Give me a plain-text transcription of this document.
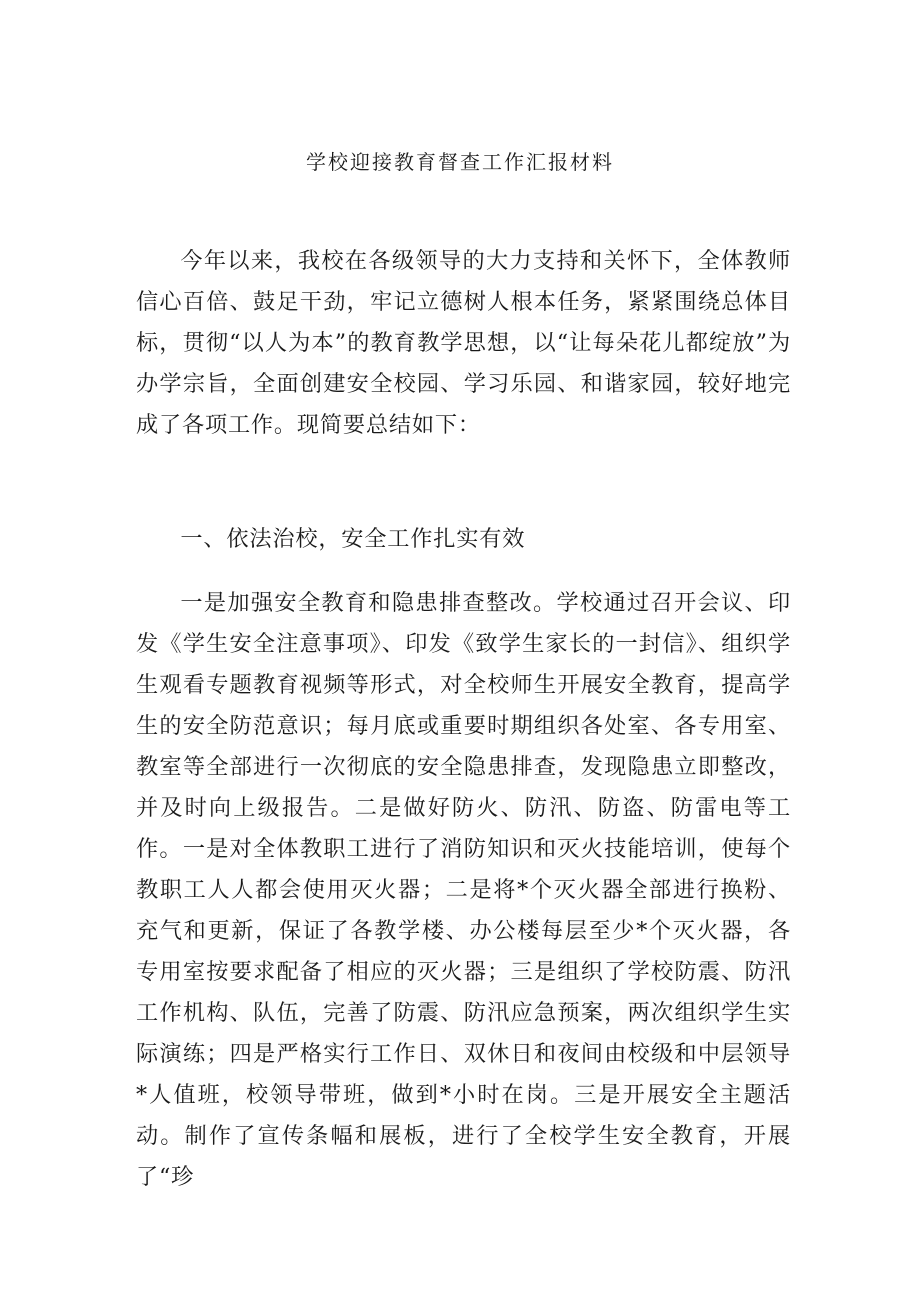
学校迎接教育督查工作汇报材料

今年以来，我校在各级领导的大力支持和关怀下，全体教师信心百倍、鼓足干劲，牢记立德树人根本任务，紧紧围绕总体目标，贯彻“以人为本”的教育教学思想，以“让每朵花儿都绽放”为办学宗旨，全面创建安全校园、学习乐园、和谐家园，较好地完成了各项工作。现简要总结如下：

一、依法治校，安全工作扎实有效

一是加强安全教育和隐患排查整改。学校通过召开会议、印发《学生安全注意事项》、印发《致学生家长的一封信》、组织学生观看专题教育视频等形式，对全校师生开展安全教育，提高学生的安全防范意识；每月底或重要时期组织各处室、各专用室、教室等全部进行一次彻底的安全隐患排查，发现隐患立即整改，并及时向上级报告。二是做好防火、防汛、防盗、防雷电等工作。一是对全体教职工进行了消防知识和灭火技能培训，使每个教职工人人都会使用灭火器；二是将*个灭火器全部进行换粉、充气和更新，保证了各教学楼、办公楼每层至少*个灭火器，各专用室按要求配备了相应的灭火器；三是组织了学校防震、防汛工作机构、队伍，完善了防震、防汛应急预案，两次组织学生实际演练；四是严格实行工作日、双休日和夜间由校级和中层领导*人值班，校领导带班，做到*小时在岗。三是开展安全主题活动。制作了宣传条幅和展板，进行了全校学生安全教育，开展了“珍
